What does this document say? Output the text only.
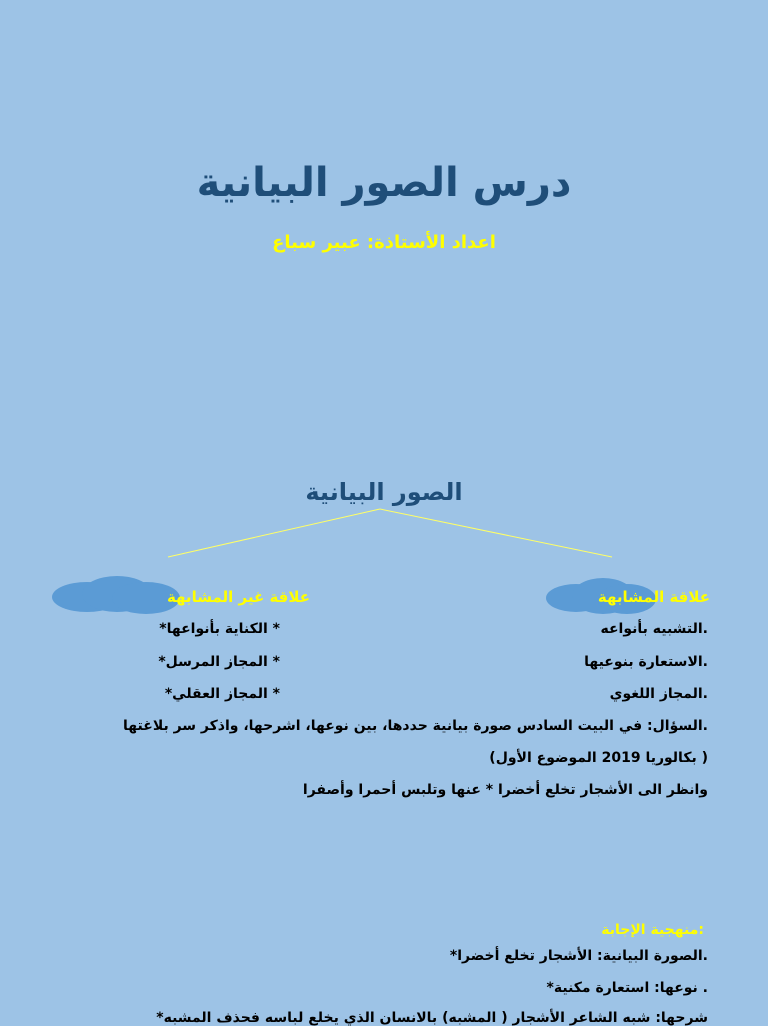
درس الصور البيانية
اعداد الأستاذة: عبير سباع
الصور البيانية
علاقة المشابهة
علاقة غير المشابهة
.التشبيه بأنواعه
.الاستعارة بنوعيها
.المجاز اللغوي
* الكناية بأنواعها*
* المجاز المرسل*
* المجاز العقلي*
.السؤال: في البيت السادس صورة بيانية حددها، بين نوعها، اشرحها، واذكر سر بلاغتها
( بكالوريا 2019 الموضوع الأول)
وانظر الى الأشجار تخلع أخضرا * عنها وتلبس أحمرا وأصفرا
:منهجية الإجابة
.الصورة البيانية: الأشجار تخلع أخضرا*
. نوعها: استعارة مكنية*
شرحها: شبه الشاعر الأشجار ( المشبه) بالانسان الذي يخلع لباسه فحذف المشبه*
